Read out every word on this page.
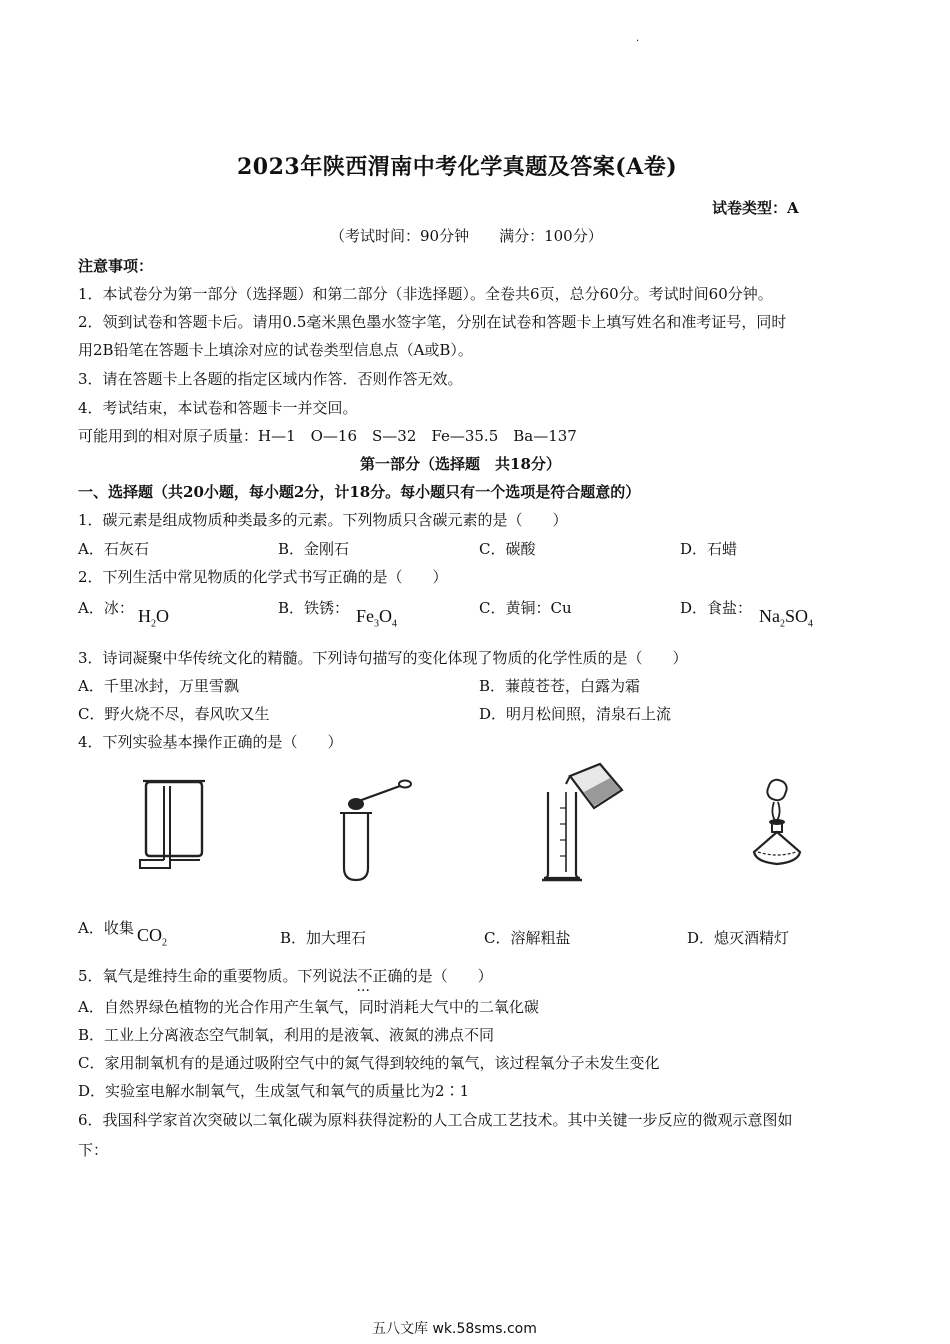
·
2023年陕西渭南中考化学真题及答案(A卷)
试卷类型：A
（考试时间：90分钟　　满分：100分）
注意事项：
1．本试卷分为第一部分（选择题）和第二部分（非选择题）。全卷共6页，总分60分。考试时间60分钟。
2．领到试卷和答题卡后。请用0.5毫米黑色墨水签字笔，分别在试卷和答题卡上填写姓名和准考证号，同时
用2B铅笔在答题卡上填涂对应的试卷类型信息点（A或B）。
3．请在答题卡上各题的指定区域内作答．否则作答无效。
4．考试结束，本试卷和答题卡一并交回。
可能用到的相对原子质量：H—1　O—16　S—32　Fe—35.5　Ba—137
第一部分（选择题　共18分）
一、选择题（共20小题，每小题2分，计18分。每小题只有一个选项是符合题意的）
1．碳元素是组成物质种类最多的元素。下列物质只含碳元素的是（　　）
A．石灰石	B．金刚石	C．碳酸	D．石蜡
2．下列生活中常见物质的化学式书写正确的是（　　）
A．冰： $H_2O$	B．铁锈： $Fe_3O_4$
C．黄铜：Cu	D．食盐： $Na_2SO_4$
3．诗词凝聚中华传统文化的精髓。下列诗句描写的变化体现了物质的化学性质的是（　　）
A．千里冰封，万里雪飘	B．蒹葭苍苍，白露为霜
C．野火烧不尽，春风吹又生	D．明月松间照，清泉石上流
4．下列实验基本操作正确的是（　　）
A．收集 $CO_2$	B．加大理石	C．溶解粗盐	D．熄灭酒精灯
5．氧气是维持生命的重要物质。下列说法不正确 ···的是（　　）
A．自然界绿色植物的光合作用产生氧气，同时消耗大气中的二氧化碳
B．工业上分离液态空气制氧，利用的是液氧、液氮的沸点不同
C．家用制氧机有的是通过吸附空气中的氮气得到较纯的氧气，该过程氧分子未发生变化
D．实验室电解水制氧气，生成氢气和氧气的质量比为2∶1
6．我国科学家首次突破以二氧化碳为原料获得淀粉的人工合成工艺技术。其中关键一步反应的微观示意图如
下：
五八文库 wk.58sms.com
